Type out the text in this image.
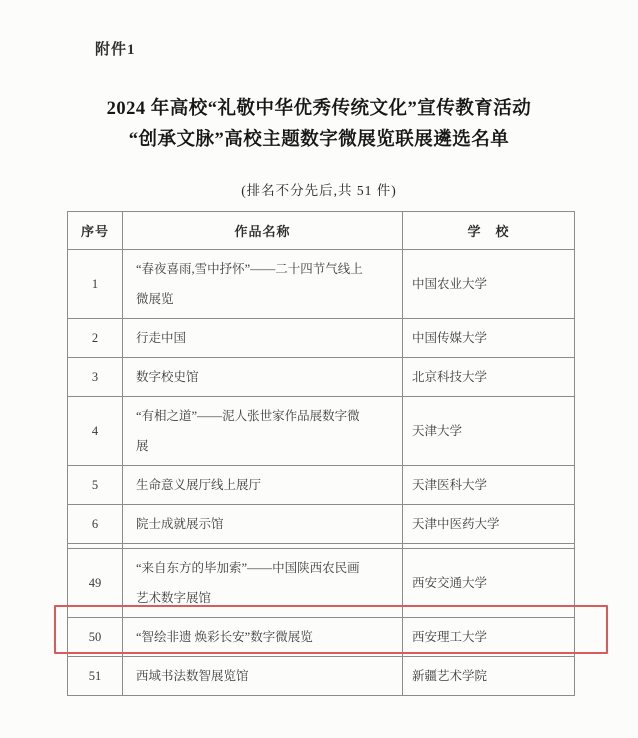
附件1
2024 年高校“礼敬中华优秀传统文化”宣传教育活动
“创承文脉”高校主题数字微展览联展遴选名单
(排名不分先后,共 51 件)
序号	作品名称	学　校
1	“春夜喜雨,雪中抒怀”——二十四节气线上微展览	中国农业大学
2	行走中国	中国传媒大学
3	数字校史馆	北京科技大学
4	“有相之道”——泥人张世家作品展数字微展	天津大学
5	生命意义展厅线上展厅	天津医科大学
6	院士成就展示馆	天津中医药大学

49	“来自东方的毕加索”——中国陕西农民画艺术数字展馆	西安交通大学
50	“智绘非遗 焕彩长安”数字微展览	西安理工大学
51	西域书法数智展览馆	新疆艺术学院
